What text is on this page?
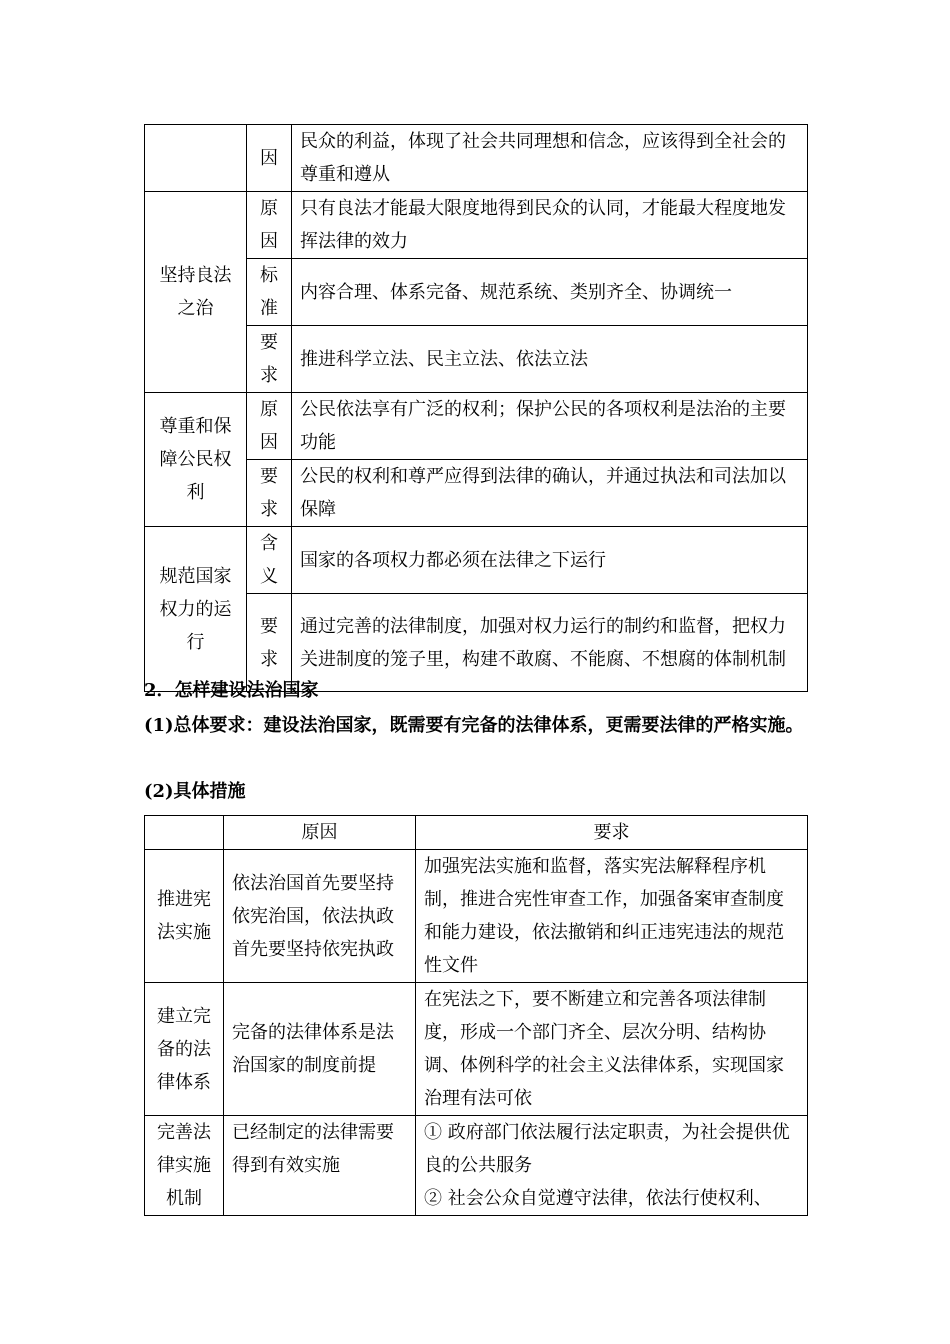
	因	民众的利益，体现了社会共同理想和信念，应该得到全社会的尊重和遵从
坚持良法之治	原因	只有良法才能最大限度地得到民众的认同，才能最大程度地发挥法律的效力

	标准	内容合理、体系完备、规范系统、类别齐全、协调统一

	要求	推进科学立法、民主立法、依法立法
尊重和保障公民权利	原因	公民依法享有广泛的权利；保护公民的各项权利是法治的主要功能

	要求	公民的权利和尊严应得到法律的确认，并通过执法和司法加以保障
规范国家权力的运行	含义	国家的各项权力都必须在法律之下运行

	要求	通过完善的法律制度，加强对权力运行的制约和监督，把权力关进制度的笼子里，构建不敢腐、不能腐、不想腐的体制机制
2．怎样建设法治国家
(1)总体要求：建设法治国家，既需要有完备的法律体系，更需要法律的严格实施。
(2)具体措施
	原因	要求
推进宪法实施	依法治国首先要坚持依宪治国，依法执政首先要坚持依宪执政	加强宪法实施和监督，落实宪法解释程序机制，推进合宪性审查工作，加强备案审查制度和能力建设，依法撤销和纠正违宪违法的规范性文件
建立完备的法律体系	完备的法律体系是法治国家的制度前提	在宪法之下，要不断建立和完善各项法律制度，形成一个部门齐全、层次分明、结构协调、体例科学的社会主义法律体系，实现国家治理有法可依
完善法律实施机制	已经制定的法律需要得到有效实施	① 政府部门依法履行法定职责，为社会提供优良的公共服务
② 社会公众自觉遵守法律，依法行使权利、
